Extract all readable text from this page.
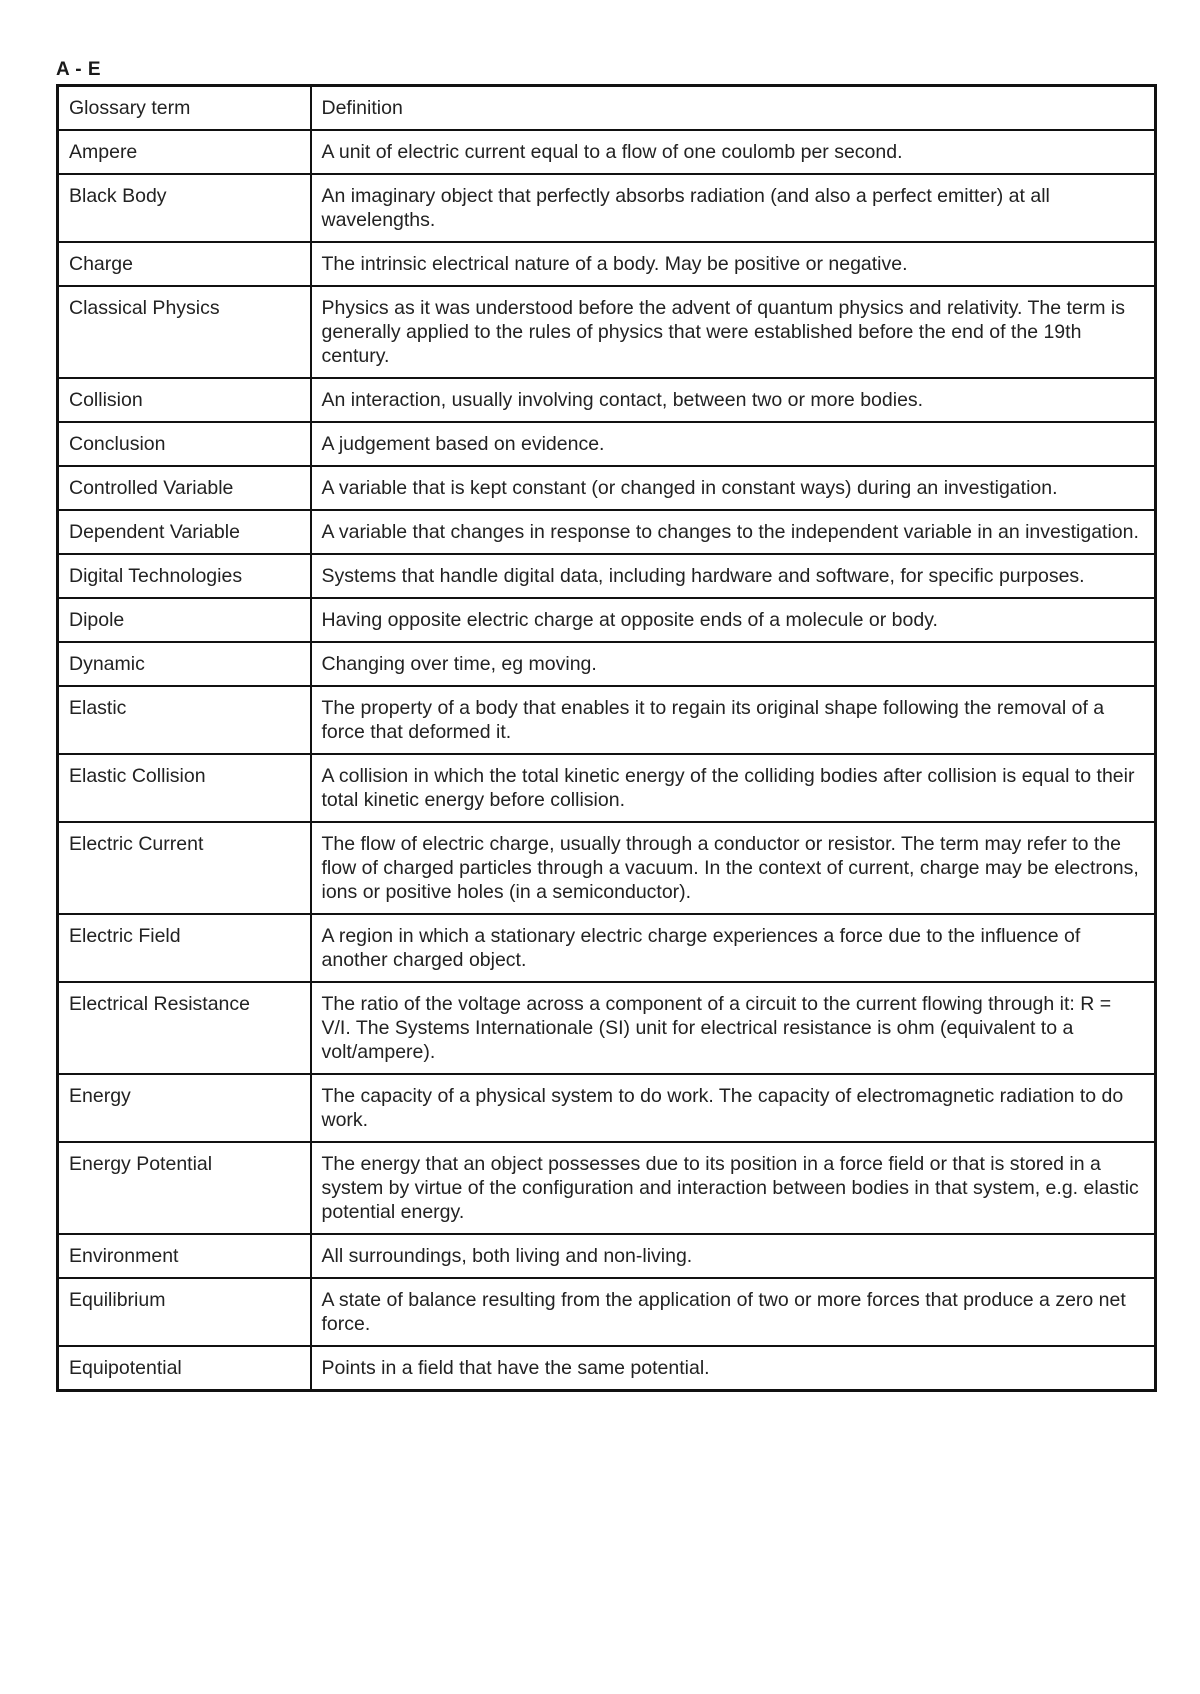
A - E
Glossary term	Definition
Ampere	A unit of electric current equal to a flow of one coulomb per second.
Black Body	An imaginary object that perfectly absorbs radiation (and also a perfect emitter) at all wavelengths.
Charge	The intrinsic electrical nature of a body. May be positive or negative.
Classical Physics	Physics as it was understood before the advent of quantum physics and relativity. The term is generally applied to the rules of physics that were established before the end of the 19th century.
Collision	An interaction, usually involving contact, between two or more bodies.
Conclusion	A judgement based on evidence.
Controlled Variable	A variable that is kept constant (or changed in constant ways) during an investigation.
Dependent Variable	A variable that changes in response to changes to the independent variable in an investigation.
Digital Technologies	Systems that handle digital data, including hardware and software, for specific purposes.
Dipole	Having opposite electric charge at opposite ends of a molecule or body.
Dynamic	Changing over time, eg moving.
Elastic	The property of a body that enables it to regain its original shape following the removal of a force that deformed it.
Elastic Collision	A collision in which the total kinetic energy of the colliding bodies after collision is equal to their total kinetic energy before collision.
Electric Current	The flow of electric charge, usually through a conductor or resistor. The term may refer to the flow of charged particles through a vacuum. In the context of current, charge may be electrons, ions or positive holes (in a semiconductor).
Electric Field	A region in which a stationary electric charge experiences a force due to the influence of another charged object.
Electrical Resistance	The ratio of the voltage across a component of a circuit to the current flowing through it: R = V/I. The Systems Internationale (SI) unit for electrical resistance is ohm (equivalent to a volt/ampere).
Energy	The capacity of a physical system to do work. The capacity of electromagnetic radiation to do work.
Energy Potential	The energy that an object possesses due to its position in a force field or that is stored in a system by virtue of the configuration and interaction between bodies in that system, e.g. elastic potential energy.
Environment	All surroundings, both living and non-living.
Equilibrium	A state of balance resulting from the application of two or more forces that produce a zero net force.
Equipotential	Points in a field that have the same potential.
